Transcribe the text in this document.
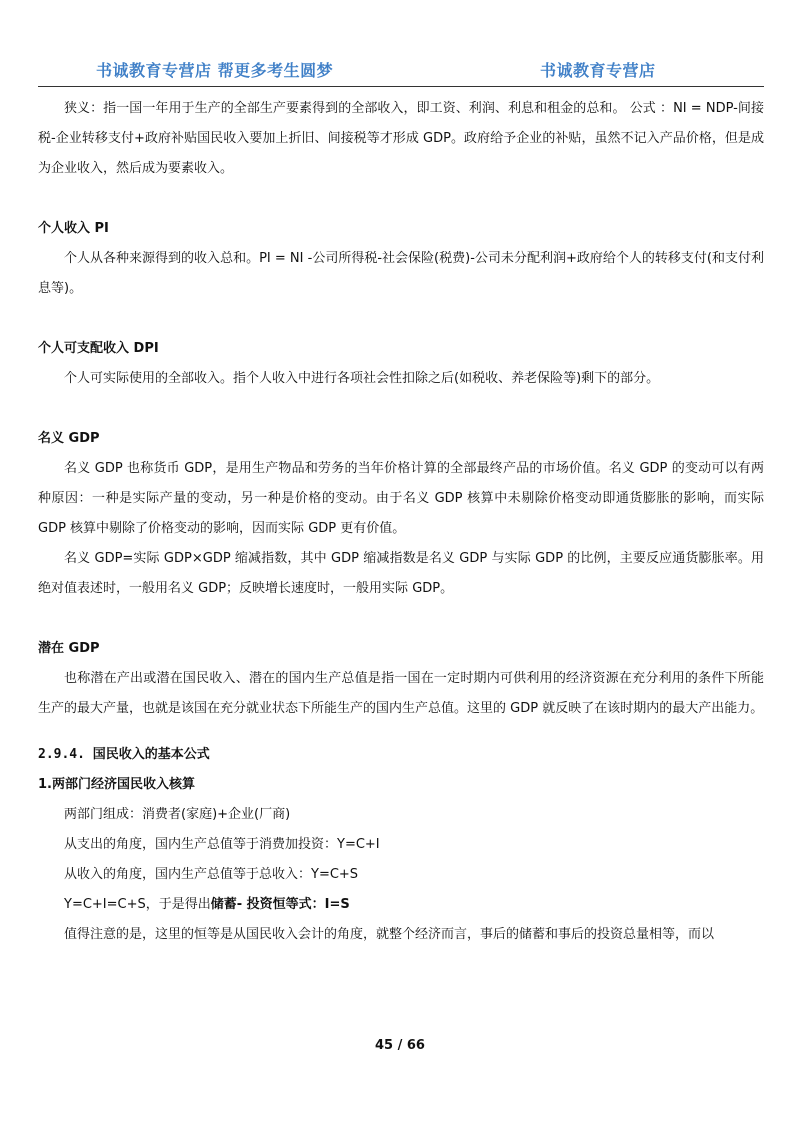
书诚教育专营店 帮更多考生圆梦	书诚教育专营店

狭义：指一国一年用于生产的全部生产要素得到的全部收入，即工资、利润、利息和租金的总和。 公式 ：NI = NDP-间接税-企业转移支付+政府补贴国民收入要加上折旧、间接税等才形成 GDP。政府给予企业的补贴，虽然不记入产品价格，但是成为企业收入，然后成为要素收入。

个人收入 PI

个人从各种来源得到的收入总和。PI = NI -公司所得税-社会保险(税费)-公司未分配利润+政府给个人的转移支付(和支付利息等)。

个人可支配收入 DPI

个人可实际使用的全部收入。指个人收入中进行各项社会性扣除之后(如税收、养老保险等)剩下的部分。

名义 GDP

名义 GDP 也称货币 GDP，是用生产物品和劳务的当年价格计算的全部最终产品的市场价值。名义 GDP 的变动可以有两种原因：一种是实际产量的变动，另一种是价格的变动。由于名义 GDP 核算中未剔除价格变动即通货膨胀的影响，而实际 GDP 核算中剔除了价格变动的影响，因而实际 GDP 更有价值。

名义 GDP=实际 GDP×GDP 缩减指数，其中 GDP 缩减指数是名义 GDP 与实际 GDP 的比例，主要反应通货膨胀率。用绝对值表述时，一般用名义 GDP；反映增长速度时，一般用实际 GDP。

潜在 GDP

也称潜在产出或潜在国民收入、潜在的国内生产总值是指一国在一定时期内可供利用的经济资源在充分利用的条件下所能生产的最大产量，也就是该国在充分就业状态下所能生产的国内生产总值。这里的 GDP 就反映了在该时期内的最大产出能力。

2.9.4. 国民收入的基本公式
1.两部门经济国民收入核算

两部门组成：消费者(家庭)+企业(厂商)

从支出的角度，国内生产总值等于消费加投资：Y=C+I

从收入的角度，国内生产总值等于总收入：Y=C+S

Y=C+I=C+S，于是得出储蓄- 投资恒等式：I=S

值得注意的是，这里的恒等是从国民收入会计的角度，就整个经济而言，事后的储蓄和事后的投资总量相等，而以

45 / 66
